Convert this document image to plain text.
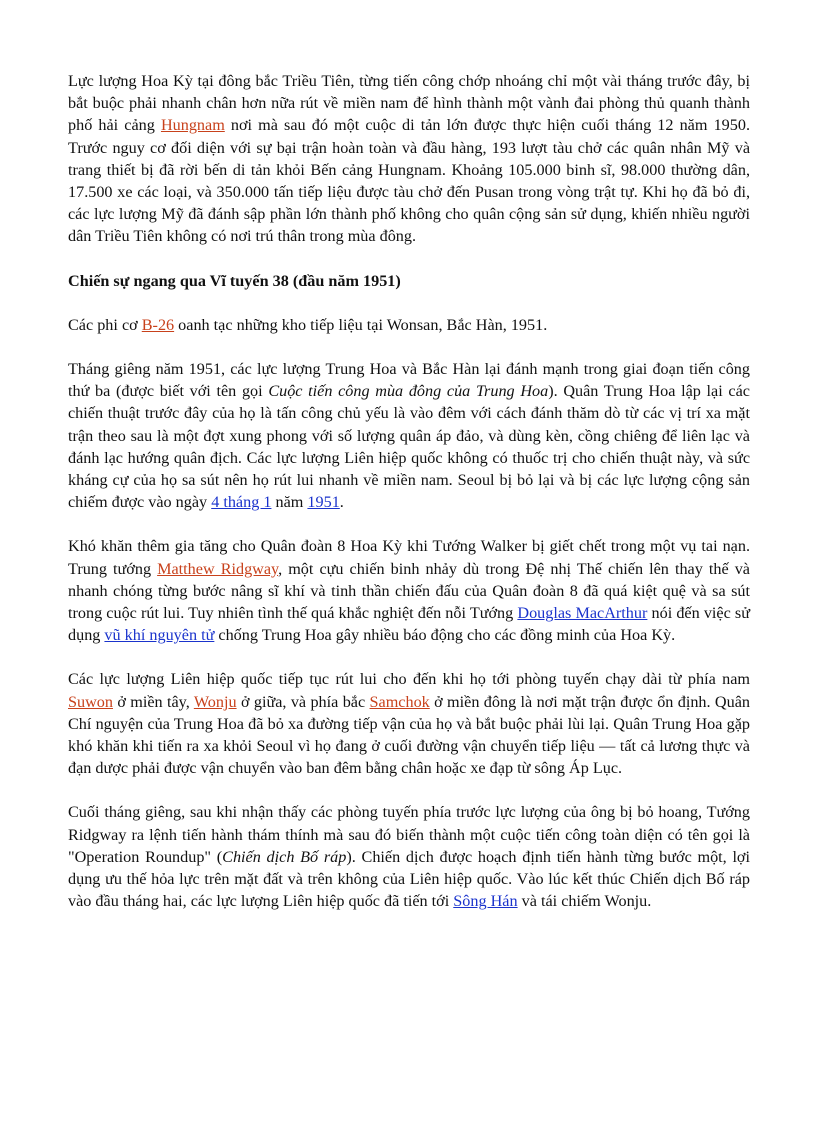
Lực lượng Hoa Kỳ tại đông bắc Triều Tiên, từng tiến công chớp nhoáng chỉ một vài tháng trước đây, bị bắt buộc phải nhanh chân hơn nữa rút về miền nam để hình thành một vành đai phòng thủ quanh thành phố hải cảng Hungnam nơi mà sau đó một cuộc di tản lớn được thực hiện cuối tháng 12 năm 1950. Trước nguy cơ đối diện với sự bại trận hoàn toàn và đầu hàng, 193 lượt tàu chở các quân nhân Mỹ và trang thiết bị đã rời bến di tản khỏi Bến cảng Hungnam. Khoảng 105.000 binh sĩ, 98.000 thường dân, 17.500 xe các loại, và 350.000 tấn tiếp liệu được tàu chở đến Pusan trong vòng trật tự. Khi họ đã bỏ đi, các lực lượng Mỹ đã đánh sập phần lớn thành phố không cho quân cộng sản sử dụng, khiến nhiều người dân Triều Tiên không có nơi trú thân trong mùa đông.

Chiến sự ngang qua Vĩ tuyến 38 (đầu năm 1951)

Các phi cơ B-26 oanh tạc những kho tiếp liệu tại Wonsan, Bắc Hàn, 1951.

Tháng giêng năm 1951, các lực lượng Trung Hoa và Bắc Hàn lại đánh mạnh trong giai đoạn tiến công thứ ba (được biết với tên gọi Cuộc tiến công mùa đông của Trung Hoa). Quân Trung Hoa lập lại các chiến thuật trước đây của họ là tấn công chủ yếu là vào đêm với cách đánh thăm dò từ các vị trí xa mặt trận theo sau là một đợt xung phong với số lượng quân áp đảo, và dùng kèn, cồng chiêng để liên lạc và đánh lạc hướng quân địch. Các lực lượng Liên hiệp quốc không có thuốc trị cho chiến thuật này, và sức kháng cự của họ sa sút nên họ rút lui nhanh về miền nam. Seoul bị bỏ lại và bị các lực lượng cộng sản chiếm được vào ngày 4 tháng 1 năm 1951.

Khó khăn thêm gia tăng cho Quân đoàn 8 Hoa Kỳ khi Tướng Walker bị giết chết trong một vụ tai nạn. Trung tướng Matthew Ridgway, một cựu chiến binh nhảy dù trong Đệ nhị Thế chiến lên thay thế và nhanh chóng từng bước nâng sĩ khí và tinh thần chiến đấu của Quân đoàn 8 đã quá kiệt quệ và sa sút trong cuộc rút lui. Tuy nhiên tình thế quá khắc nghiệt đến nỗi Tướng Douglas MacArthur nói đến việc sử dụng vũ khí nguyên tử chống Trung Hoa gây nhiều báo động cho các đồng minh của Hoa Kỳ.

Các lực lượng Liên hiệp quốc tiếp tục rút lui cho đến khi họ tới phòng tuyến chạy dài từ phía nam Suwon ở miền tây, Wonju ở giữa, và phía bắc Samchok ở miền đông là nơi mặt trận được ổn định. Quân Chí nguyện của Trung Hoa đã bỏ xa đường tiếp vận của họ và bắt buộc phải lùi lại. Quân Trung Hoa gặp khó khăn khi tiến ra xa khỏi Seoul vì họ đang ở cuối đường vận chuyển tiếp liệu — tất cả lương thực và đạn dược phải được vận chuyển vào ban đêm bằng chân hoặc xe đạp từ sông Áp Lục.

Cuối tháng giêng, sau khi nhận thấy các phòng tuyến phía trước lực lượng của ông bị bỏ hoang, Tướng Ridgway ra lệnh tiến hành thám thính mà sau đó biến thành một cuộc tiến công toàn diện có tên gọi là "Operation Roundup" (Chiến dịch Bố ráp). Chiến dịch được hoạch định tiến hành từng bước một, lợi dụng ưu thế hỏa lực trên mặt đất và trên không của Liên hiệp quốc. Vào lúc kết thúc Chiến dịch Bố ráp vào đầu tháng hai, các lực lượng Liên hiệp quốc đã tiến tới Sông Hán và tái chiếm Wonju.
